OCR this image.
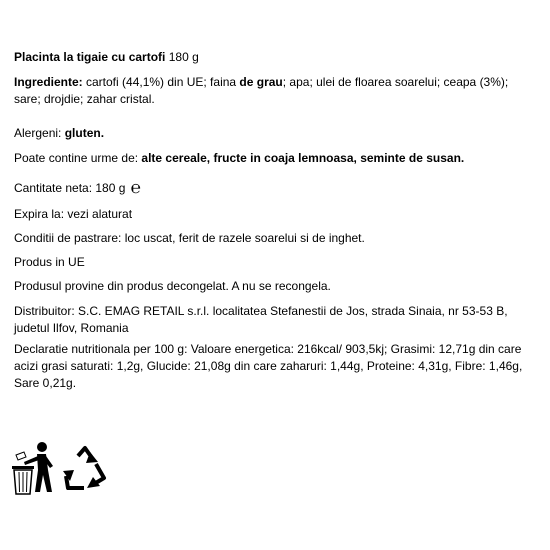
Placinta la tigaie cu cartofi 180 g
Ingrediente: cartofi (44,1%) din UE; faina de grau; apa; ulei de floarea soarelui; ceapa (3%); sare; drojdie; zahar cristal.
Alergeni: gluten.
Poate contine urme de: alte cereale, fructe in coaja lemnoasa, seminte de susan.
Cantitate neta: 180 g ℮
Expira la: vezi alaturat
Conditii de pastrare: loc uscat, ferit de razele soarelui si de inghet.
Produs in UE
Produsul provine din produs decongelat. A nu se recongela.
Distribuitor: S.C. EMAG RETAIL s.r.l. localitatea Stefanestii de Jos, strada Sinaia, nr 53-53 B, judetul Ilfov, Romania
Declaratie nutritionala per 100 g: Valoare energetica: 216kcal/ 903,5kj; Grasimi: 12,71g din care acizi grasi saturati: 1,2g, Glucide: 21,08g din care zaharuri: 1,44g, Proteine: 4,31g, Fibre: 1,46g, Sare 0,21g.
